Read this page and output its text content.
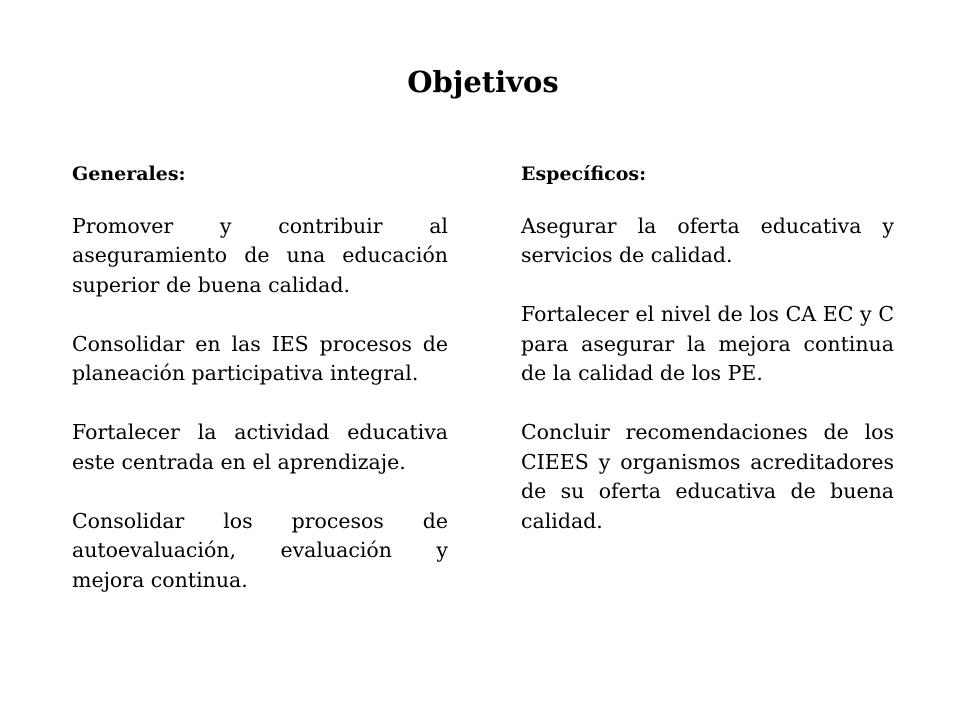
Objetivos
Generales:

Promover y contribuir al aseguramiento de una educación superior de buena calidad.

Consolidar en las IES procesos de planeación participativa integral.

Fortalecer la actividad educativa este centrada en el aprendizaje.

Consolidar los procesos de autoevaluación, evaluación y mejora continua.

Específicos:

Asegurar la oferta educativa y servicios de calidad.

Fortalecer el nivel de los CA EC y C para asegurar la mejora continua de la calidad de los PE.

Concluir recomendaciones de los CIEES y organismos acreditadores de su oferta educativa de buena calidad.
